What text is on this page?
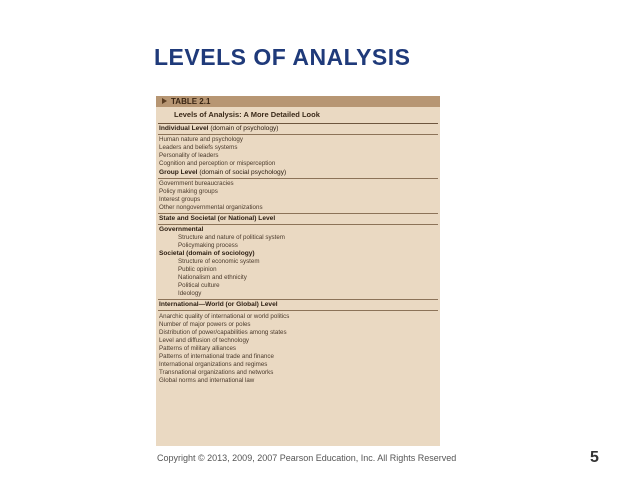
LEVELS OF ANALYSIS
TABLE 2.1
Levels of Analysis: A More Detailed Look
Individual Level (domain of psychology)
Human nature and psychology
Leaders and beliefs systems
Personality of leaders
Cognition and perception or misperception
Group Level (domain of social psychology)
Government bureaucracies
Policy making groups
Interest groups
Other nongovernmental organizations
State and Societal (or National) Level
Governmental
Structure and nature of political system
Policymaking process
Societal (domain of sociology)
Structure of economic system
Public opinion
Nationalism and ethnicity
Political culture
Ideology
International—World (or Global) Level
Anarchic quality of international or world politics
Number of major powers or poles
Distribution of power/capabilities among states
Level and diffusion of technology
Patterns of military alliances
Patterns of international trade and finance
International organizations and regimes
Transnational organizations and networks
Global norms and international law
Copyright © 2013, 2009, 2007 Pearson Education, Inc. All Rights Reserved	5
